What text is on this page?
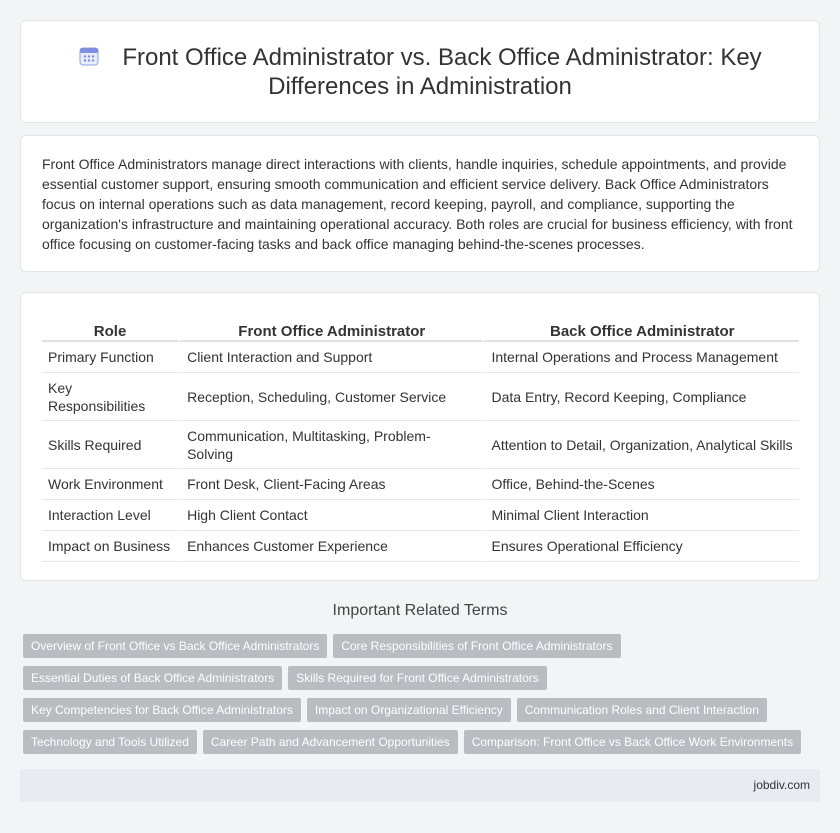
Front Office Administrator vs. Back Office Administrator: Key Differences in Administration
Front Office Administrators manage direct interactions with clients, handle inquiries, schedule appointments, and provide essential customer support, ensuring smooth communication and efficient service delivery. Back Office Administrators focus on internal operations such as data management, record keeping, payroll, and compliance, supporting the organization's infrastructure and maintaining operational accuracy. Both roles are crucial for business efficiency, with front office focusing on customer-facing tasks and back office managing behind-the-scenes processes.
Role	Front Office Administrator	Back Office Administrator
Primary Function	Client Interaction and Support	Internal Operations and Process Management
Key Responsibilities	Reception, Scheduling, Customer Service	Data Entry, Record Keeping, Compliance
Skills Required	Communication, Multitasking, Problem-Solving	Attention to Detail, Organization, Analytical Skills
Work Environment	Front Desk, Client-Facing Areas	Office, Behind-the-Scenes
Interaction Level	High Client Contact	Minimal Client Interaction
Impact on Business	Enhances Customer Experience	Ensures Operational Efficiency
Important Related Terms
Overview of Front Office vs Back Office Administrators Core Responsibilities of Front Office Administrators
Essential Duties of Back Office Administrators Skills Required for Front Office Administrators
Key Competencies for Back Office Administrators Impact on Organizational Efficiency Communication Roles and Client Interaction
Technology and Tools Utilized Career Path and Advancement Opportunities Comparison: Front Office vs Back Office Work Environments
jobdiv.com
